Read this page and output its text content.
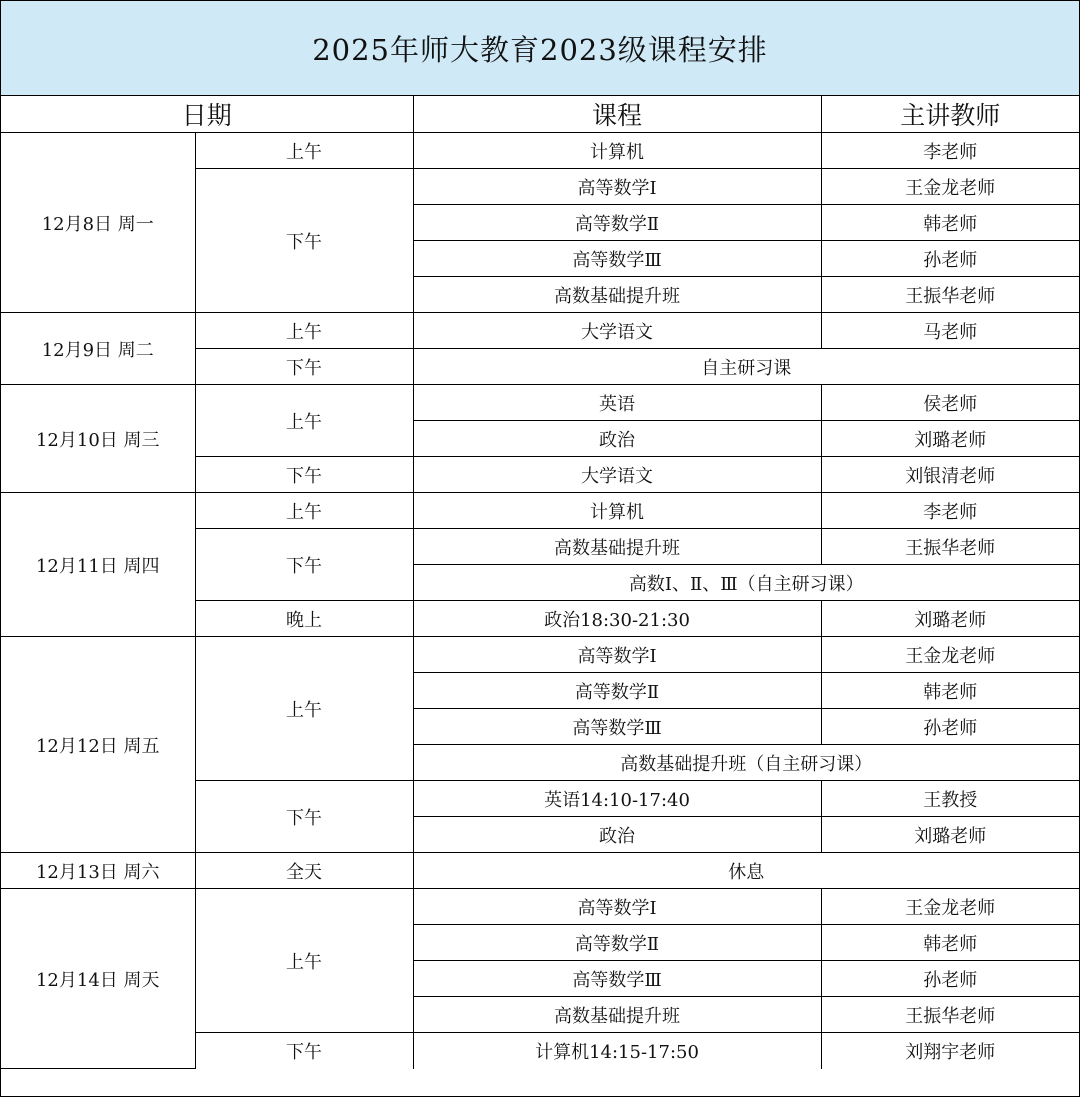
2025年师大教育2023级课程安排
日期		课程	主讲教师
12月8日 周一	上午	计算机	李老师
	下午	高等数学Ⅰ	王金龙老师
		高等数学Ⅱ	韩老师
		高等数学Ⅲ	孙老师
		高数基础提升班	王振华老师
12月9日 周二	上午	大学语文	马老师
	下午	自主研习课	
12月10日 周三	上午	英语	侯老师
		政治	刘璐老师
	下午	大学语文	刘银清老师
12月11日 周四	上午	计算机	李老师
	下午	高数基础提升班	王振华老师
		高数Ⅰ、Ⅱ、Ⅲ（自主研习课）	
	晚上	政治18:30-21:30	刘璐老师
12月12日 周五	上午	高等数学Ⅰ	王金龙老师
		高等数学Ⅱ	韩老师
		高等数学Ⅲ	孙老师
		高数基础提升班（自主研习课）	
	下午	英语14:10-17:40	王教授
		政治	刘璐老师
12月13日 周六	全天	休息	
12月14日 周天	上午	高等数学Ⅰ	王金龙老师
		高等数学Ⅱ	韩老师
		高等数学Ⅲ	孙老师
		高数基础提升班	王振华老师
	下午	计算机14:15-17:50	刘翔宇老师
